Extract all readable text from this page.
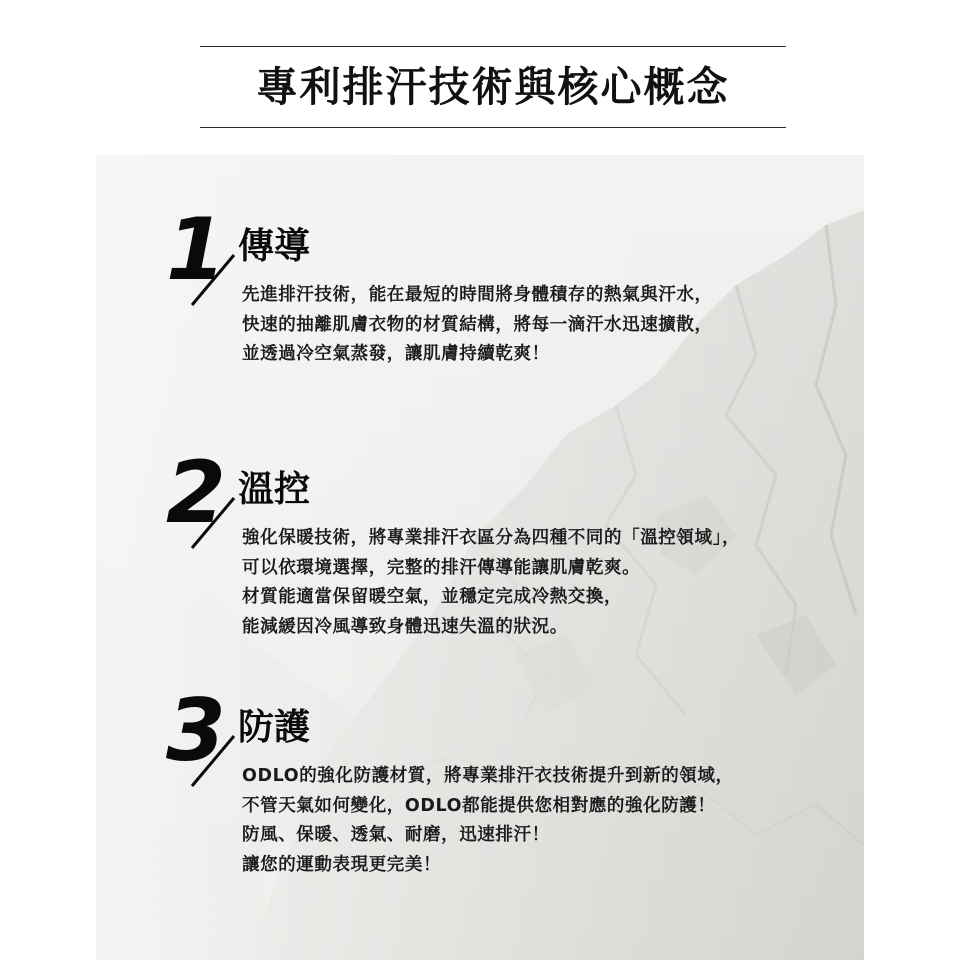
專利排汗技術與核心概念
1 傳導
先進排汗技術，能在最短的時間將身體積存的熱氣與汗水，
快速的抽離肌膚衣物的材質結構，將每一滴汗水迅速擴散，
並透過冷空氣蒸發，讓肌膚持續乾爽！
2 溫控
強化保暖技術，將專業排汗衣區分為四種不同的「溫控領域」，
可以依環境選擇，完整的排汗傳導能讓肌膚乾爽。
材質能適當保留暖空氣，並穩定完成冷熱交換，
能減緩因冷風導致身體迅速失溫的狀況。
3 防護
ODLO的強化防護材質，將專業排汗衣技術提升到新的領域，
不管天氣如何變化，ODLO都能提供您相對應的強化防護！
防風、保暖、透氣、耐磨，迅速排汗！
讓您的運動表現更完美！
